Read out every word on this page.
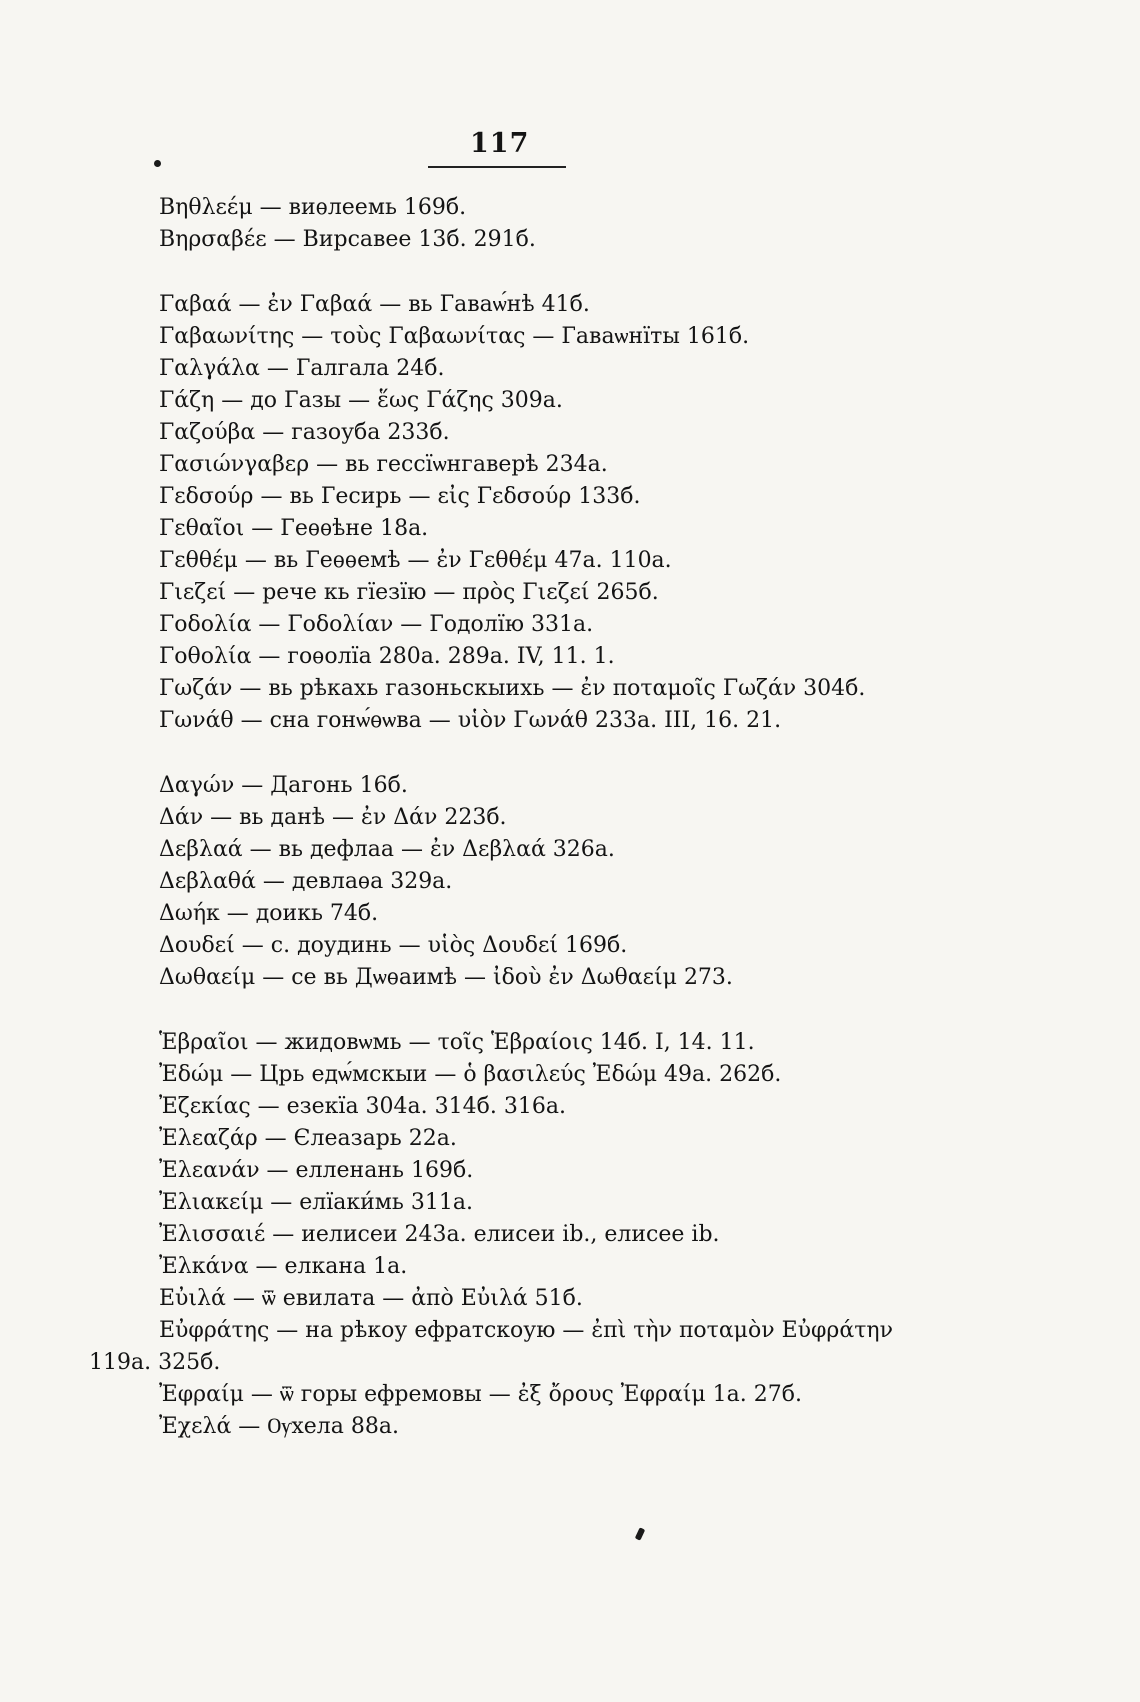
117
Βηθλεέμ — виѳлеемь 169б.
Βηρσαβέε — Вирсавее 13б. 291б.
Γαβαά — ἐν Γαβαά — вь Гаваѡ́нѣ 41б.
Γαβαωνίτης — τοὺς Γαβαωνίτας — Гаваѡнїты 161б.
Γαλγάλα — Галгала 24б.
Γάζη — до Газы — ἕως Γάζης 309а.
Γαζούβα — газоуба 233б.
Γασιώνγαβερ — вь гессїѡнгаверѣ 234а.
Γεδσούρ — вь Гесирь — εἰς Γεδσούρ 133б.
Γεθαῖοι — Геѳѳѣне 18а.
Γεθθέμ — вь Геѳѳемѣ — ἐν Γεθθέμ 47а. 110а.
Γιεζεί — рече кь гїезїю — πρὸς Γιεζεί 265б.
Γοδολία — Γοδολίαν — Годолїю 331а.
Γοθολία — гоѳолїа 280а. 289а. IV, 11. 1.
Γωζάν — вь рѣкахь газоньскыихь — ἐν ποταμοῖς Γωζάν 304б.
Γωνάθ — сна гонѡ́ѳѡва — υἱὸν Γωνάθ 233а. III, 16. 21.
Δαγών — Дагонь 16б.
Δάν — вь данѣ — ἐν Δάν 223б.
Δεβλαά — вь дефлаа — ἐν Δεβλαά 326а.
Δεβλαθά — девлаѳа 329а.
Δωήκ — доикь 74б.
Δουδεί — с. доудинь — υἱὸς Δουδεί 169б.
Δωθαείμ — се вь Дѡѳаимѣ — ἰδοὺ ἐν Δωθαείμ 273.
Ἑβραῖοι — жидовѡмь — τοῖς Ἑβραίοις 14б. I, 14. 11.
Ἐδώμ — Црь едѡ́мскыи — ὁ βασιλεύς Ἐδώμ 49а. 262б.
Ἐζεκίας — езекїа 304а. 314б. 316а.
Ἐλεαζάρ — Єлеазарь 22а.
Ἐλεανάν — елленань 169б.
Ἐλιακείμ — елїаки́мь 311а.
Ἐλισσαιέ — иелисеи 243а. елисеи ib., елисее ib.
Ἐλκάνα — елкана 1а.
Εὐιλά — ѿ евилата — ἀπὸ Εὐιλά 51б.
Εὐφράτης — на рѣкоу ефратскоую — ἐπὶ τὴν ποταμὸν Εὐφράτην
119а. 325б.
Ἐφραίμ — ѿ горы ефремовы — ἐξ ὄρους Ἐφραίμ 1а. 27б.
Ἐχελά — Ѹхела 88а.
